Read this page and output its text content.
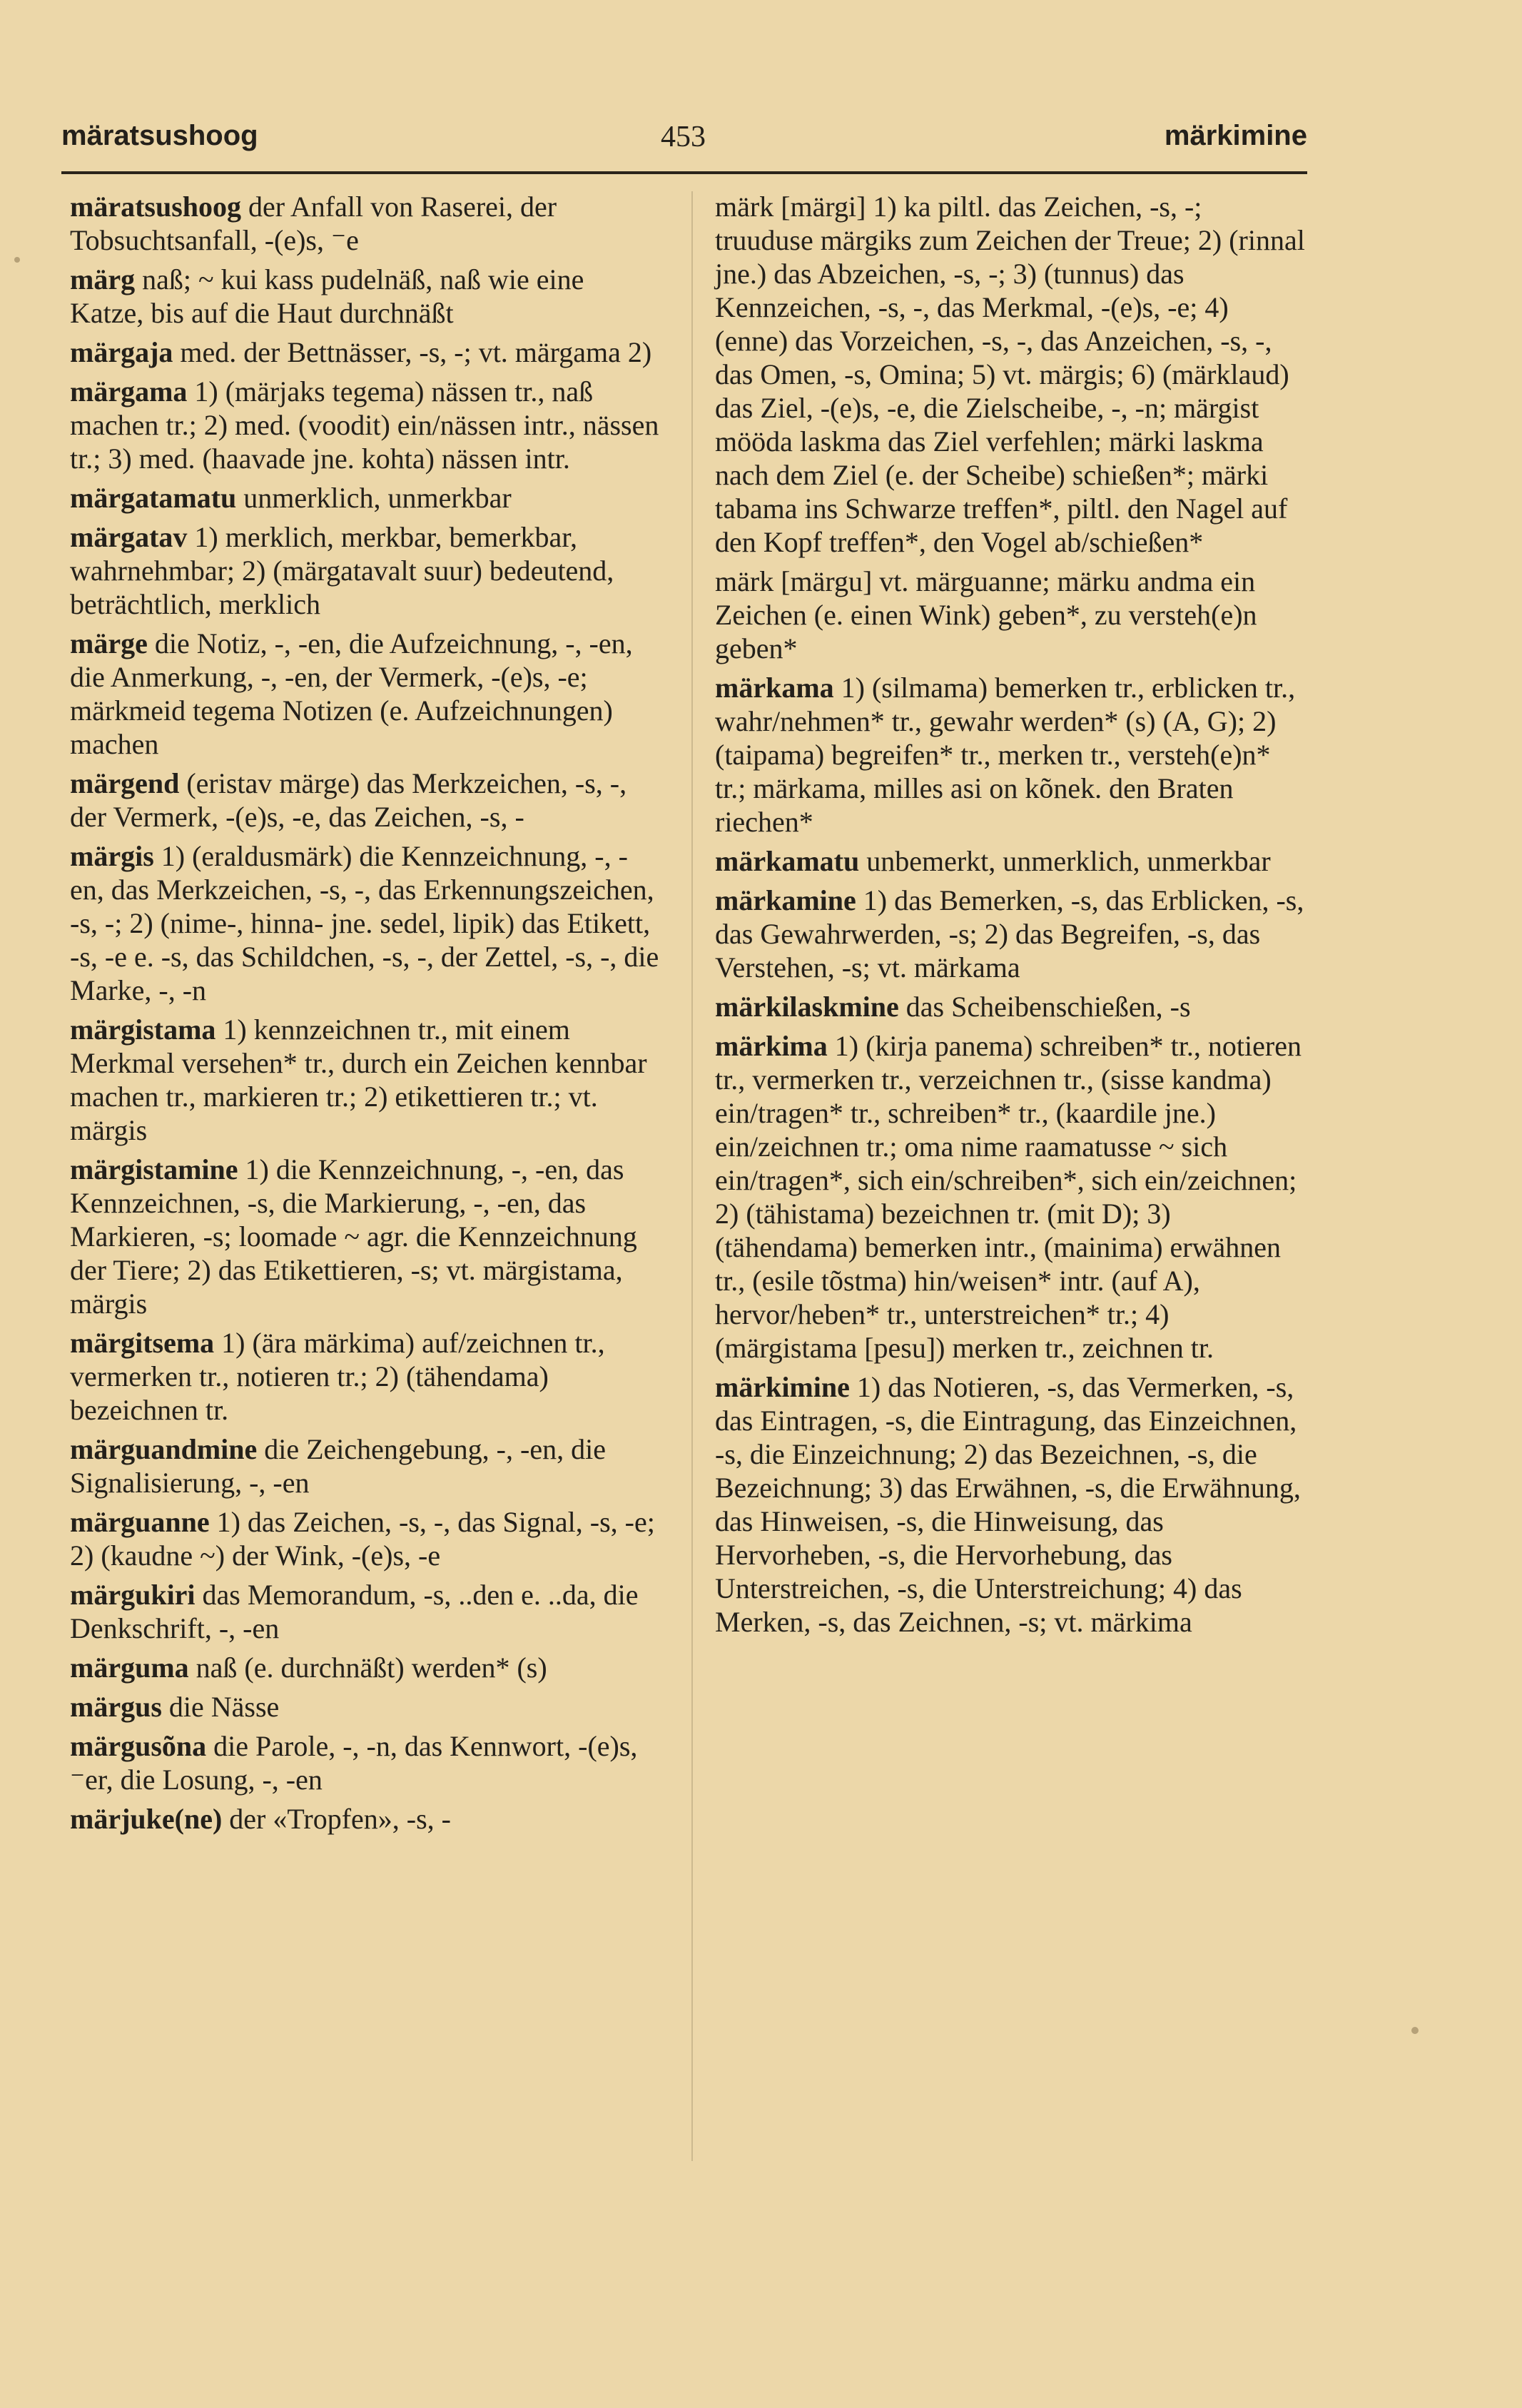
märatsushoog	453	märkimine

märatsushoog der Anfall von Raserei, der Tobsuchtsanfall, -(e)s, ⁻e

märg naß; ~ kui kass pudelnäß, naß wie eine Katze, bis auf die Haut durchnäßt

märgaja med. der Bettnässer, -s, -; vt. märgama 2)

märgama 1) (märjaks tegema) nässen tr., naß machen tr.; 2) med. (voodit) ein/nässen intr., nässen tr.; 3) med. (haavade jne. kohta) nässen intr.

märgatamatu unmerklich, unmerkbar

märgatav 1) merklich, merkbar, bemerkbar, wahrnehmbar; 2) (märgatavalt suur) bedeutend, beträchtlich, merklich

märge die Notiz, -, -en, die Aufzeichnung, -, -en, die Anmerkung, -, -en, der Vermerk, -(e)s, -e; märkmeid tegema Notizen (e. Aufzeichnungen) machen

märgend (eristav märge) das Merkzeichen, -s, -, der Vermerk, -(e)s, -e, das Zeichen, -s, -

märgis 1) (eraldusmärk) die Kennzeichnung, -, -en, das Merkzeichen, -s, -, das Erkennungszeichen, -s, -; 2) (nime-, hinna- jne. sedel, lipik) das Etikett, -s, -e e. -s, das Schildchen, -s, -, der Zettel, -s, -, die Marke, -, -n

märgistama 1) kennzeichnen tr., mit einem Merkmal versehen* tr., durch ein Zeichen kennbar machen tr., markieren tr.; 2) etikettieren tr.; vt. märgis

märgistamine 1) die Kennzeichnung, -, -en, das Kennzeichnen, -s, die Markierung, -, -en, das Markieren, -s; loomade ~ agr. die Kennzeichnung der Tiere; 2) das Etikettieren, -s; vt. märgistama, märgis

märgitsema 1) (ära märkima) auf/zeichnen tr., vermerken tr., notieren tr.; 2) (tähendama) bezeichnen tr.

märguandmine die Zeichengebung, -, -en, die Signalisierung, -, -en

märguanne 1) das Zeichen, -s, -, das Signal, -s, -e; 2) (kaudne ~) der Wink, -(e)s, -e

märgukiri das Memorandum, -s, ..den e. ..da, die Denkschrift, -, -en

märguma naß (e. durchnäßt) werden* (s)

märgus die Nässe

märgusõna die Parole, -, -n, das Kennwort, -(e)s, ⁻er, die Losung, -, -en

märjuke(ne) der «Tropfen», -s, -

märk [märgi] 1) ka piltl. das Zeichen, -s, -; truuduse märgiks zum Zeichen der Treue; 2) (rinnal jne.) das Abzeichen, -s, -; 3) (tunnus) das Kennzeichen, -s, -, das Merkmal, -(e)s, -e; 4) (enne) das Vorzeichen, -s, -, das Anzeichen, -s, -, das Omen, -s, Omina; 5) vt. märgis; 6) (märklaud) das Ziel, -(e)s, -e, die Zielscheibe, -, -n; märgist mööda laskma das Ziel verfehlen; märki laskma nach dem Ziel (e. der Scheibe) schießen*; märki tabama ins Schwarze treffen*, piltl. den Nagel auf den Kopf treffen*, den Vogel ab/schießen*

märk [märgu] vt. märguanne; märku andma ein Zeichen (e. einen Wink) geben*, zu versteh(e)n geben*

märkama 1) (silmama) bemerken tr., erblicken tr., wahr/nehmen* tr., gewahr werden* (s) (A, G); 2) (taipama) begreifen* tr., merken tr., versteh(e)n* tr.; märkama, milles asi on kõnek. den Braten riechen*

märkamatu unbemerkt, unmerklich, unmerkbar

märkamine 1) das Bemerken, -s, das Erblicken, -s, das Gewahrwerden, -s; 2) das Begreifen, -s, das Verstehen, -s; vt. märkama

märkilaskmine das Scheibenschießen, -s

märkima 1) (kirja panema) schreiben* tr., notieren tr., vermerken tr., verzeichnen tr., (sisse kandma) ein/tragen* tr., schreiben* tr., (kaardile jne.) ein/zeichnen tr.; oma nime raamatusse ~ sich ein/tragen*, sich ein/schreiben*, sich ein/zeichnen; 2) (tähistama) bezeichnen tr. (mit D); 3) (tähendama) bemerken intr., (mainima) erwähnen tr., (esile tõstma) hin/weisen* intr. (auf A), hervor/heben* tr., unterstreichen* tr.; 4) (märgistama [pesu]) merken tr., zeichnen tr.

märkimine 1) das Notieren, -s, das Vermerken, -s, das Eintragen, -s, die Eintragung, das Einzeichnen, -s, die Einzeichnung; 2) das Bezeichnen, -s, die Bezeichnung; 3) das Erwähnen, -s, die Erwähnung, das Hinweisen, -s, die Hinweisung, das Hervorheben, -s, die Hervorhebung, das Unterstreichen, -s, die Unterstreichung; 4) das Merken, -s, das Zeichnen, -s; vt. märkima
